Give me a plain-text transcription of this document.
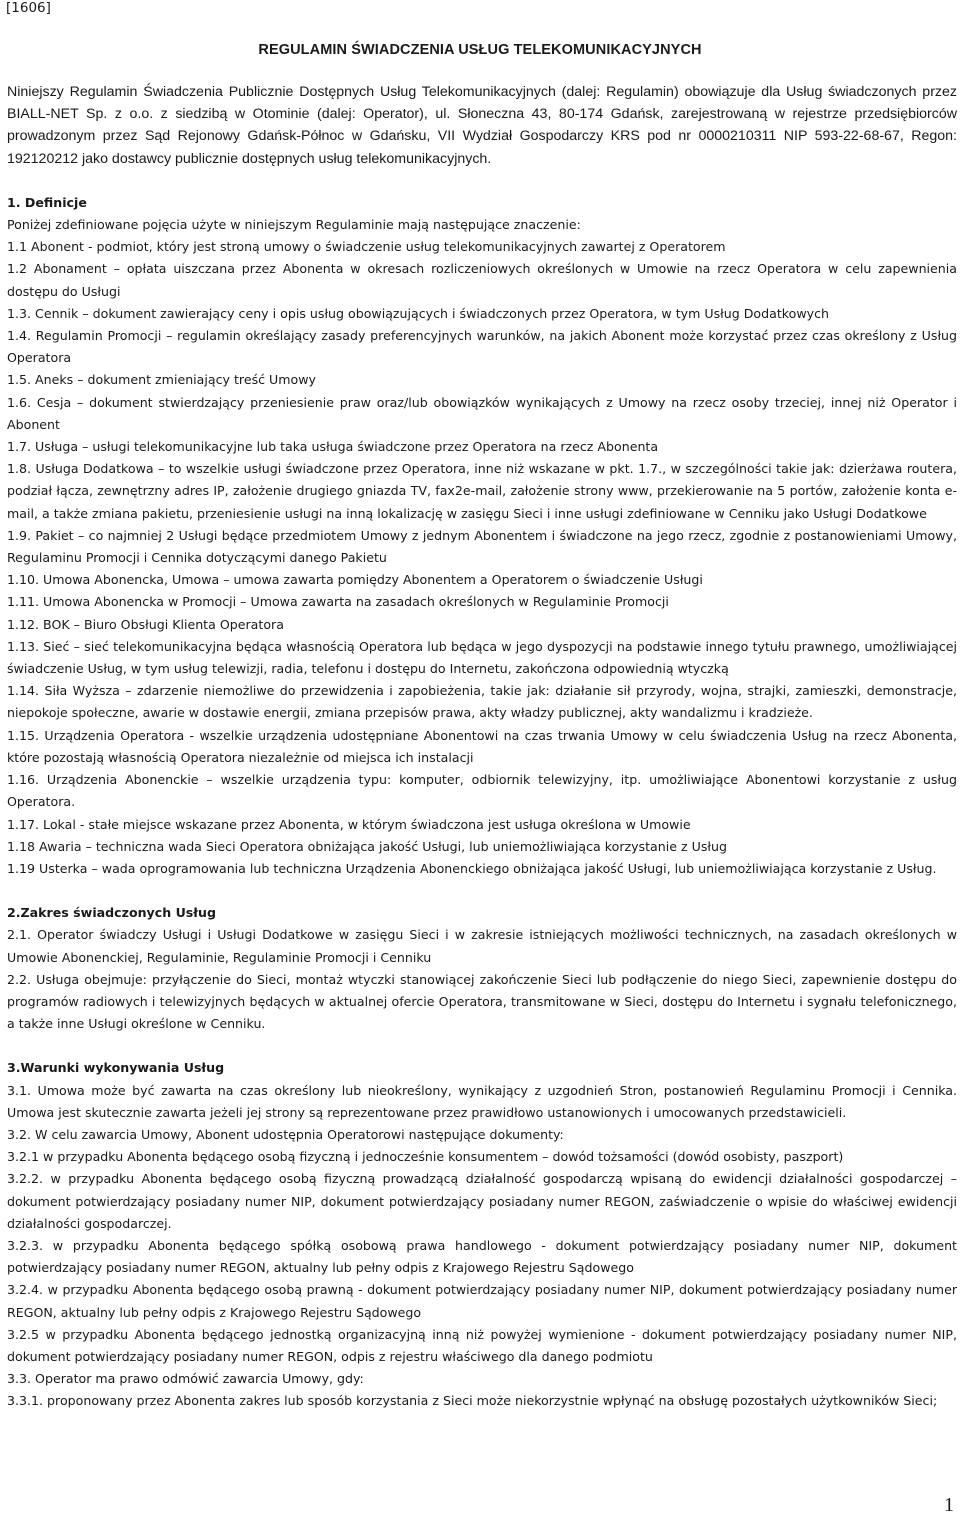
[1606]
REGULAMIN ŚWIADCZENIA USŁUG TELEKOMUNIKACYJNYCH

Niniejszy Regulamin Świadczenia Publicznie Dostępnych Usług Telekomunikacyjnych (dalej: Regulamin) obowiązuje dla Usług świadczonych przez BIALL-NET Sp. z o.o. z siedzibą w Otominie (dalej: Operator), ul. Słoneczna 43, 80-174 Gdańsk, zarejestrowaną w rejestrze przedsiębiorców prowadzonym przez Sąd Rejonowy Gdańsk-Północ w Gdańsku, VII Wydział Gospodarczy KRS pod nr 0000210311 NIP 593-22-68-67, Regon: 192120212 jako dostawcy publicznie dostępnych usług telekomunikacyjnych.

1. Definicje

Poniżej zdefiniowane pojęcia użyte w niniejszym Regulaminie mają następujące znaczenie:

1.1 Abonent - podmiot, który jest stroną umowy o świadczenie usług telekomunikacyjnych zawartej z Operatorem

1.2 Abonament – opłata uiszczana przez Abonenta w okresach rozliczeniowych określonych w Umowie na rzecz Operatora w celu zapewnienia dostępu do Usługi

1.3. Cennik – dokument zawierający ceny i opis usług obowiązujących i świadczonych przez Operatora, w tym Usług Dodatkowych

1.4. Regulamin Promocji – regulamin określający zasady preferencyjnych warunków, na jakich Abonent może korzystać przez czas określony z Usług Operatora

1.5. Aneks – dokument zmieniający treść Umowy

1.6. Cesja – dokument stwierdzający przeniesienie praw oraz/lub obowiązków wynikających z Umowy na rzecz osoby trzeciej, innej niż Operator i Abonent

1.7. Usługa – usługi telekomunikacyjne lub taka usługa świadczone przez Operatora na rzecz Abonenta

1.8. Usługa Dodatkowa – to wszelkie usługi świadczone przez Operatora, inne niż wskazane w pkt. 1.7., w szczególności takie jak: dzierżawa routera, podział łącza, zewnętrzny adres IP, założenie drugiego gniazda TV, fax2e-mail, założenie strony www, przekierowanie na 5 portów, założenie konta e-mail, a także zmiana pakietu, przeniesienie usługi na inną lokalizację w zasięgu Sieci i inne usługi zdefiniowane w Cenniku jako Usługi Dodatkowe

1.9. Pakiet – co najmniej 2 Usługi będące przedmiotem Umowy z jednym Abonentem i świadczone na jego rzecz, zgodnie z postanowieniami Umowy, Regulaminu Promocji i Cennika dotyczącymi danego Pakietu

1.10. Umowa Abonencka, Umowa – umowa zawarta pomiędzy Abonentem a Operatorem o świadczenie Usługi

1.11. Umowa Abonencka w Promocji – Umowa zawarta na zasadach określonych w Regulaminie Promocji

1.12. BOK – Biuro Obsługi Klienta Operatora

1.13. Sieć – sieć telekomunikacyjna będąca własnością Operatora lub będąca w jego dyspozycji na podstawie innego tytułu prawnego, umożliwiającej świadczenie Usług, w tym usług telewizji, radia, telefonu i dostępu do Internetu, zakończona odpowiednią wtyczką

1.14. Siła Wyższa – zdarzenie niemożliwe do przewidzenia i zapobieżenia, takie jak: działanie sił przyrody, wojna, strajki, zamieszki, demonstracje, niepokoje społeczne, awarie w dostawie energii, zmiana przepisów prawa, akty władzy publicznej, akty wandalizmu i kradzieże.

1.15. Urządzenia Operatora - wszelkie urządzenia udostępniane Abonentowi na czas trwania Umowy w celu świadczenia Usług na rzecz Abonenta, które pozostają własnością Operatora niezależnie od miejsca ich instalacji

1.16. Urządzenia Abonenckie – wszelkie urządzenia typu: komputer, odbiornik telewizyjny, itp. umożliwiające Abonentowi korzystanie z usług Operatora.

1.17. Lokal - stałe miejsce wskazane przez Abonenta, w którym świadczona jest usługa określona w Umowie

1.18 Awaria – techniczna wada Sieci Operatora obniżająca jakość Usługi, lub uniemożliwiająca korzystanie z Usług

1.19 Usterka – wada oprogramowania lub techniczna Urządzenia Abonenckiego obniżająca jakość Usługi, lub uniemożliwiająca korzystanie z Usług.

2.Zakres świadczonych Usług

2.1. Operator świadczy Usługi i Usługi Dodatkowe w zasięgu Sieci i w zakresie istniejących możliwości technicznych, na zasadach określonych w Umowie Abonenckiej, Regulaminie, Regulaminie Promocji i Cenniku

2.2. Usługa obejmuje: przyłączenie do Sieci, montaż wtyczki stanowiącej zakończenie Sieci lub podłączenie do niego Sieci, zapewnienie dostępu do programów radiowych i telewizyjnych będących w aktualnej ofercie Operatora, transmitowane w Sieci, dostępu do Internetu i sygnału telefonicznego, a także inne Usługi określone w Cenniku.

3.Warunki wykonywania Usług

3.1. Umowa może być zawarta na czas określony lub nieokreślony, wynikający z uzgodnień Stron, postanowień Regulaminu Promocji i Cennika. Umowa jest skutecznie zawarta jeżeli jej strony są reprezentowane przez prawidłowo ustanowionych i umocowanych przedstawicieli.

3.2. W celu zawarcia Umowy, Abonent udostępnia Operatorowi następujące dokumenty:

3.2.1 w przypadku Abonenta będącego osobą fizyczną i jednocześnie konsumentem – dowód tożsamości (dowód osobisty, paszport)

3.2.2. w przypadku Abonenta będącego osobą fizyczną prowadzącą działalność gospodarczą wpisaną do ewidencji działalności gospodarczej – dokument potwierdzający posiadany numer NIP, dokument potwierdzający posiadany numer REGON, zaświadczenie o wpisie do właściwej ewidencji działalności gospodarczej.

3.2.3. w przypadku Abonenta będącego spółką osobową prawa handlowego - dokument potwierdzający posiadany numer NIP, dokument potwierdzający posiadany numer REGON, aktualny lub pełny odpis z Krajowego Rejestru Sądowego

3.2.4. w przypadku Abonenta będącego osobą prawną - dokument potwierdzający posiadany numer NIP, dokument potwierdzający posiadany numer REGON, aktualny lub pełny odpis z Krajowego Rejestru Sądowego

3.2.5 w przypadku Abonenta będącego jednostką organizacyjną inną niż powyżej wymienione - dokument potwierdzający posiadany numer NIP, dokument potwierdzający posiadany numer REGON, odpis z rejestru właściwego dla danego podmiotu

3.3. Operator ma prawo odmówić zawarcia Umowy, gdy:

3.3.1. proponowany przez Abonenta zakres lub sposób korzystania z Sieci może niekorzystnie wpłynąć na obsługę pozostałych użytkowników Sieci;

1
